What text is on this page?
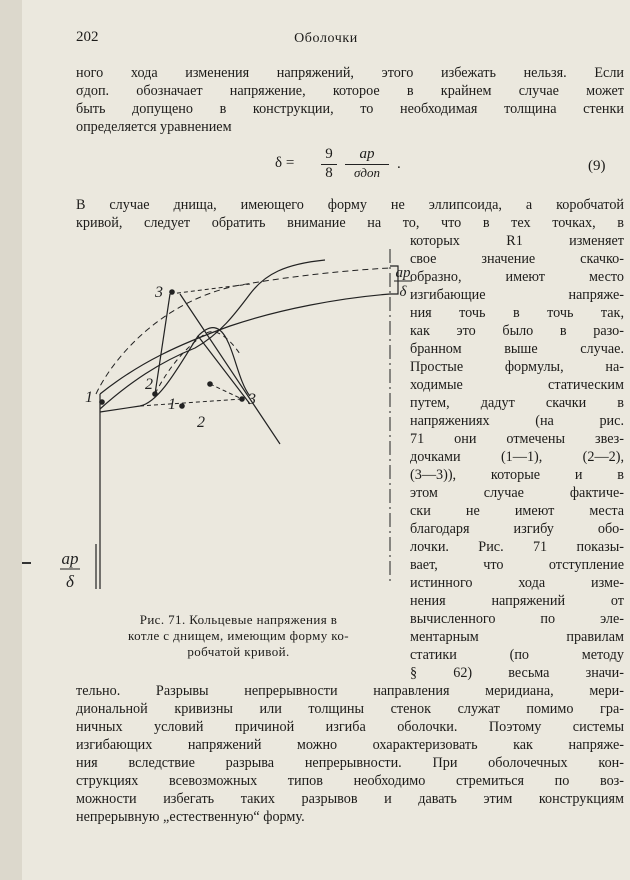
202	Оболочки
ного хода изменения напряжений, этого избежать нельзя. Если
σдоп. обозначает напряжение, которое в крайнем случае может
быть допущено в конструкции, то необходимая толщина стенки
определяется уравнением
$\delta = \frac{9}{8}$	ар
σдоп
.	(9)
В случае днища, имеющего форму не эллипсоида, а коробчатой
кривой, следует обратить внимание на то, что в тех точках, в
которых R1 изменяет
свое значение скачко-
образно, имеют место
изгибающие напряже-
ния точь в точь так,
как это было в разо-
бранном выше случае.
Простые формулы, на-
ходимые статическим
путем, дадут скачки в
напряжениях (на рис.
71 они отмечены звез-
дочками (1—1), (2—2),
(3—3)), которые и в
этом случае фактиче-
ски не имеют места
благодаря изгибу обо-
лочки. Рис. 71 показы-
вает, что отступление
истинного хода изме-
нения напряжений от
вычисленного по эле-
ментарным правилам
статики (по методу
§ 62) весьма значи-
тельно. Разрывы непрерывности направления меридиана, мери-
диональной кривизны или толщины стенок служат помимо гра-
ничных условий причиной изгиба оболочки. Поэтому системы
изгибающих напряжений можно охарактеризовать как напряже-
ния вследствие разрыва непрерывности. При оболочечных кон-
струкциях всевозможных типов необходимо стремиться по воз-
можности избегать таких разрывов и давать этим конструкциям
непрерывную „естественную“ форму.
ap
δ
ap
δ
1	1
2
2
3
3
Рис. 71. Кольцевые напряжения в
котле с днищем, имеющим форму ко-
робчатой кривой.
